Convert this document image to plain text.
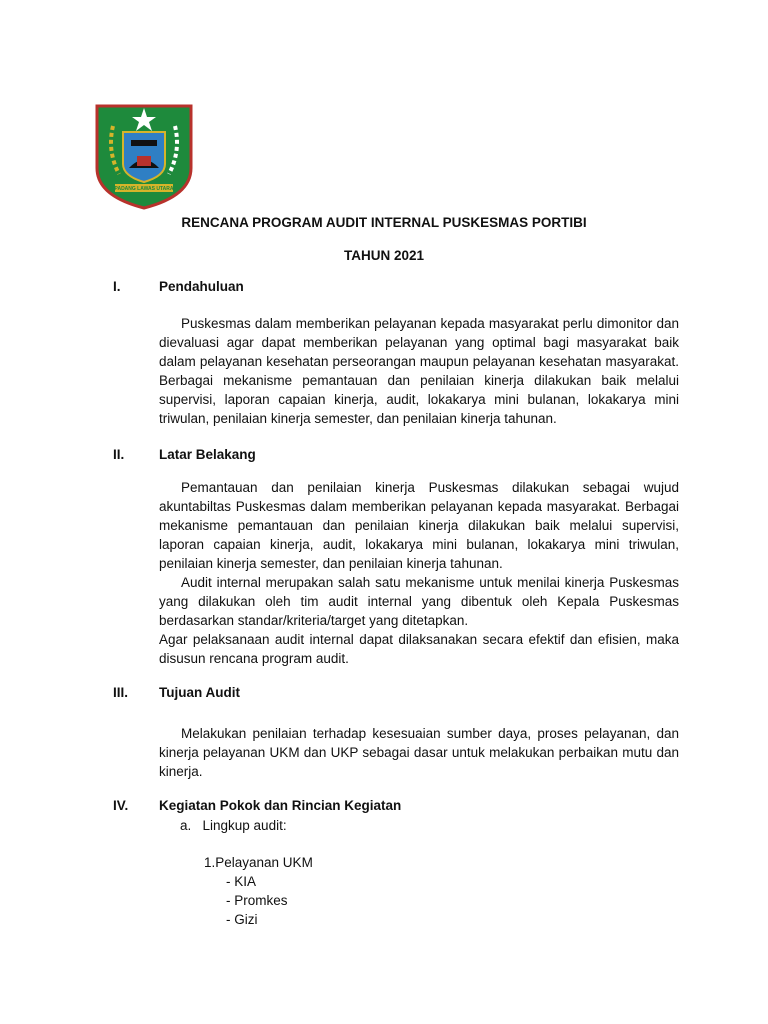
PADANG LAWAS UTARA
RENCANA PROGRAM AUDIT INTERNAL PUSKESMAS PORTIBI
TAHUN 2021
I.	Pendahuluan

Puskesmas dalam memberikan pelayanan kepada masyarakat perlu dimonitor dan dievaluasi agar dapat memberikan pelayanan yang optimal bagi masyarakat baik dalam pelayanan kesehatan perseorangan maupun pelayanan kesehatan masyarakat. Berbagai mekanisme pemantauan dan penilaian kinerja dilakukan baik melalui supervisi, laporan capaian kinerja, audit, lokakarya mini bulanan, lokakarya mini triwulan, penilaian kinerja semester, dan penilaian kinerja tahunan.

II.	Latar Belakang

Pemantauan dan penilaian kinerja Puskesmas dilakukan sebagai wujud akuntabiltas Puskesmas dalam memberikan pelayanan kepada masyarakat. Berbagai mekanisme pemantauan dan penilaian kinerja dilakukan baik melalui supervisi, laporan capaian kinerja, audit, lokakarya mini bulanan, lokakarya mini triwulan, penilaian kinerja semester, dan penilaian kinerja tahunan.

Audit internal merupakan salah satu mekanisme untuk menilai kinerja Puskesmas yang dilakukan oleh tim audit internal yang dibentuk oleh Kepala Puskesmas berdasarkan standar/kriteria/target yang ditetapkan.

Agar pelaksanaan audit internal dapat dilaksanakan secara efektif dan efisien, maka disusun rencana program audit.

III. Tujuan Audit

Melakukan penilaian terhadap kesesuaian sumber daya, proses pelayanan, dan kinerja pelayanan UKM dan UKP sebagai dasar untuk melakukan perbaikan mutu dan kinerja.

IV. Kegiatan Pokok dan Rincian Kegiatan
a.   Lingkup audit:
1.Pelayanan UKM
- KIA
- Promkes
- Gizi
